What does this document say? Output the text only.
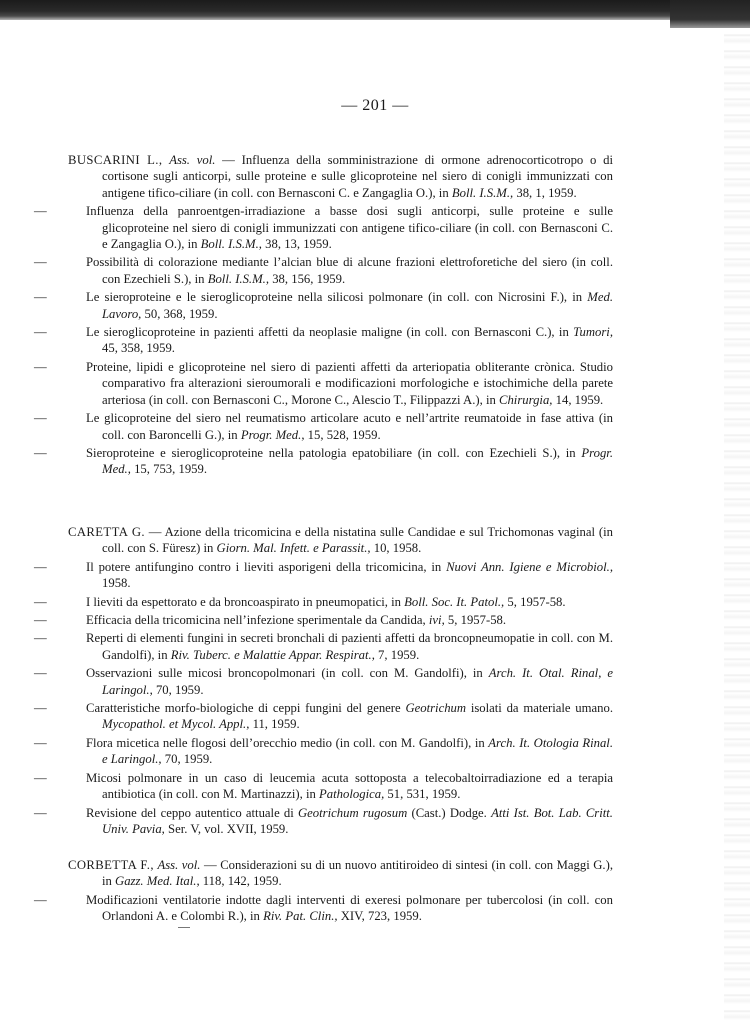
— 201 —
BUSCARINI L., Ass. vol. — Influenza della somministrazione di ormone adrenocorticotropo o di cortisone sugli anticorpi, sulle proteine e sulle glicoproteine nel siero di conigli immunizzati con antigene tifico-ciliare (in coll. con Bernasconi C. e Zangaglia O.), in Boll. I.S.M., 38, 1, 1959.
—	Influenza della panroentgen-irradiazione a basse dosi sugli anticorpi, sulle proteine e sulle glicoproteine nel siero di conigli immunizzati con antigene tifico-ciliare (in coll. con Bernasconi C. e Zangaglia O.), in Boll. I.S.M., 38, 13, 1959.
—	Possibilità di colorazione mediante l’alcian blue di alcune frazioni elettroforetiche del siero (in coll. con Ezechieli S.), in Boll. I.S.M., 38, 156, 1959.
—	Le sieroproteine e le sieroglicoproteine nella silicosi polmonare (in coll. con Nicrosini F.), in Med. Lavoro, 50, 368, 1959.
—	Le sieroglicoproteine in pazienti affetti da neoplasie maligne (in coll. con Bernasconi C.), in Tumori, 45, 358, 1959.
—	Proteine, lipidi e glicoproteine nel siero di pazienti affetti da arteriopatia obliterante crònica. Studio comparativo fra alterazioni sieroumorali e modificazioni morfologiche e istochimiche della parete arteriosa (in coll. con Bernasconi C., Morone C., Alescio T., Filippazzi A.), in Chirurgia, 14, 1959.
—	Le glicoproteine del siero nel reumatismo articolare acuto e nell’artrite reumatoide in fase attiva (in coll. con Baroncelli G.), in Progr. Med., 15, 528, 1959.
—	Sieroproteine e sieroglicoproteine nella patologia epatobiliare (in coll. con Ezechieli S.), in Progr. Med., 15, 753, 1959.
CARETTA G. — Azione della tricomicina e della nistatina sulle Candidae e sul Trichomonas vaginal (in coll. con S. Füresz) in Giorn. Mal. Infett. e Parassit., 10, 1958.
—	Il potere antifungino contro i lieviti asporigeni della tricomicina, in Nuovi Ann. Igiene e Microbiol., 1958.
—	I lieviti da espettorato e da broncoaspirato in pneumopatici, in Boll. Soc. It. Patol., 5, 1957-58.
—	Efficacia della tricomicina nell’infezione sperimentale da Candida, ivi, 5, 1957-58.
—	Reperti di elementi fungini in secreti bronchali di pazienti affetti da broncopneumopatie in coll. con M. Gandolfi), in Riv. Tuberc. e Malattie Appar. Respirat., 7, 1959.
—	Osservazioni sulle micosi broncopolmonari (in coll. con M. Gandolfi), in Arch. It. Otal. Rinal, e Laringol., 70, 1959.
—	Caratteristiche morfo-biologiche di ceppi fungini del genere Geotrichum isolati da materiale umano. Mycopathol. et Mycol. Appl., 11, 1959.
—	Flora micetica nelle flogosi dell’orecchio medio (in coll. con M. Gandolfi), in Arch. It. Otologia Rinal. e Laringol., 70, 1959.
—	Micosi polmonare in un caso di leucemia acuta sottoposta a telecobaltoirradiazione ed a terapia antibiotica (in coll. con M. Martinazzi), in Pathologica, 51, 531, 1959.
—	Revisione del ceppo autentico attuale di Geotrichum rugosum (Cast.) Dodge. Atti Ist. Bot. Lab. Critt. Univ. Pavia, Ser. V, vol. XVII, 1959.
CORBETTA F., Ass. vol. — Considerazioni su di un nuovo antitiroideo di sintesi (in coll. con Maggi G.), in Gazz. Med. Ital., 118, 142, 1959.
—	Modificazioni ventilatorie indotte dagli interventi di exeresi polmonare per tubercolosi (in coll. con Orlandoni A. e Colombi R.), in Riv. Pat. Clin., XIV, 723, 1959.
